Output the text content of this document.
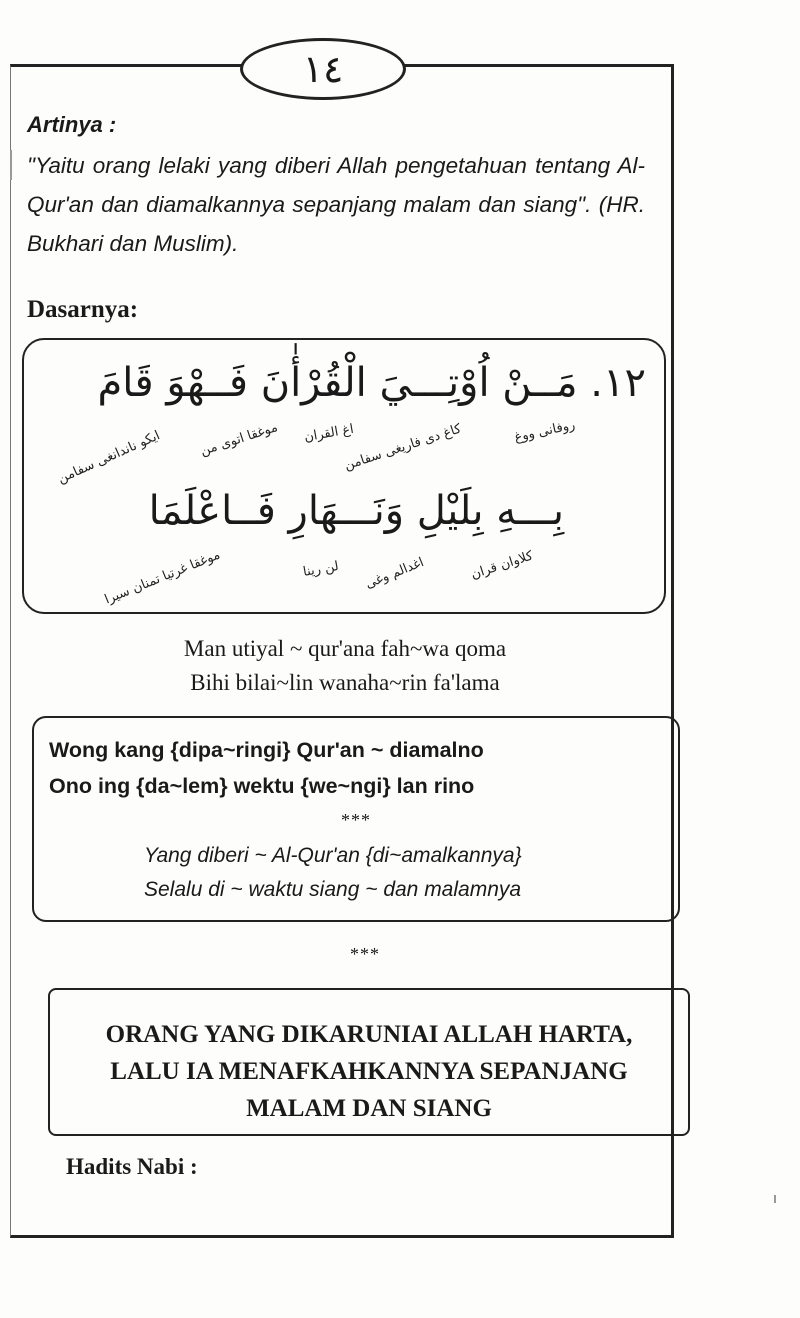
١٤
Artinya :
"Yaitu orang lelaki yang diberi Allah pengetahuan tentang Al-Qur'an dan diamalkannya sepanjang malam dan siang". (HR. Bukhari dan Muslim).
Dasarnya:
١٢. مَــنْ اُوْتِـــيَ الْقُرْأٰنَ فَــهْوَ قَامَ
روفانى ووغ
كاغ دى فاريغى سفامن
اغ القران
موغقا اتوى من
ايكو ناندانغى سفامن
بِـــهِ بِلَيْلِ وَنَـــهَارِ فَــاعْلَمَا
كلاوان قران
اغدالم وغى
لن رينا
موغقا غرتيا تمنان سيرا
Man utiyal ~ qur'ana fah~wa qoma
Bihi bilai~lin wanaha~rin fa'lama
Wong kang {dipa~ringi} Qur'an ~ diamalno
Ono ing {da~lem} wektu {we~ngi} lan rino
***
Yang diberi ~ Al-Qur'an {di~amalkannya}
Selalu di ~ waktu siang ~ dan malamnya
***
ORANG YANG DIKARUNIAI ALLAH HARTA,
LALU IA MENAFKAHKANNYA SEPANJANG
MALAM DAN SIANG
Hadits Nabi :
